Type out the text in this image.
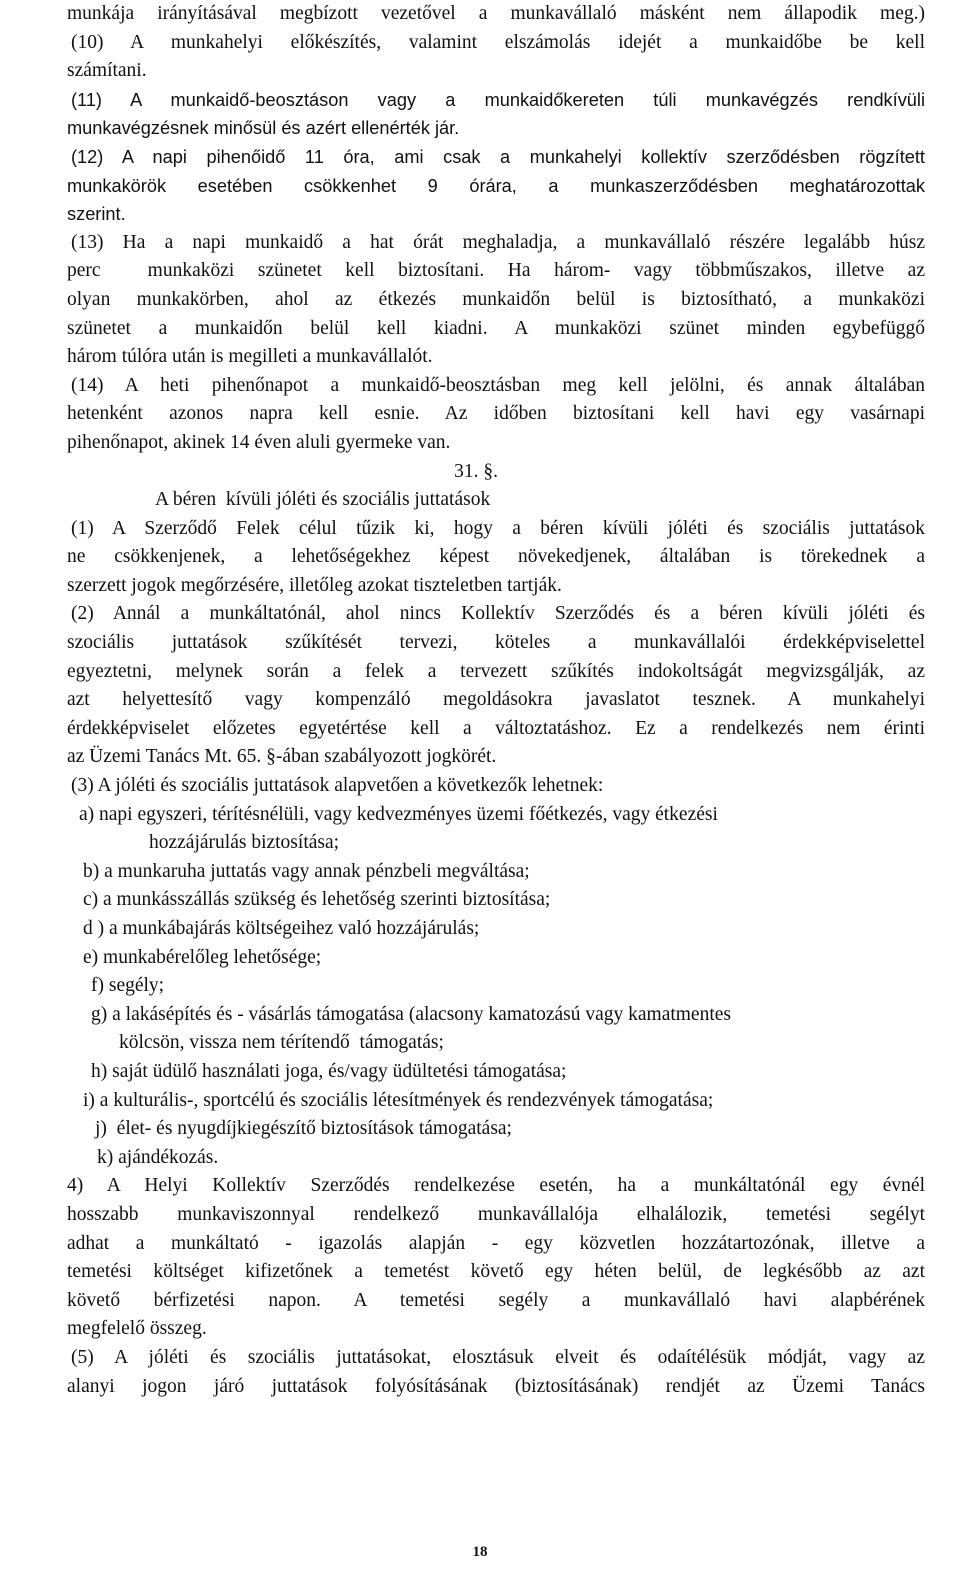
munkája irányításával megbízott vezetővel a munkavállaló másként nem állapodik meg.)

(10) A munkahelyi előkészítés, valamint elszámolás idejét a munkaidőbe be kell

számítani.

(11) A munkaidő-beosztáson vagy a munkaidőkereten túli munkavégzés rendkívüli

munkavégzésnek minősül és azért ellenérték jár.

(12) A napi pihenőidő 11 óra, ami csak a munkahelyi kollektív szerződésben rögzített

munkakörök esetében csökkenhet 9 órára, a munkaszerződésben meghatározottak

szerint.

(13) Ha a napi munkaidő a hat órát meghaladja, a munkavállaló részére legalább húsz

perc  munkaközi szünetet kell biztosítani. Ha három- vagy többműszakos, illetve az

olyan munkakörben, ahol az étkezés munkaidőn belül is biztosítható, a munkaközi

szünetet a munkaidőn belül kell kiadni. A munkaközi szünet minden egybefüggő

három túlóra után is megilleti a munkavállalót.

(14) A heti pihenőnapot a munkaidő-beosztásban meg kell jelölni, és annak általában

hetenként azonos napra kell esnie. Az időben biztosítani kell havi egy vasárnapi

pihenőnapot, akinek 14 éven aluli gyermeke van.

31. §.

A béren  kívüli jóléti és szociális juttatások

(1) A Szerződő Felek célul tűzik ki, hogy a béren kívüli jóléti és szociális juttatások

ne csökkenjenek, a lehetőségekhez képest növekedjenek, általában is törekednek a

szerzett jogok megőrzésére, illetőleg azokat tiszteletben tartják.

(2) Annál a munkáltatónál, ahol nincs Kollektív Szerződés és a béren kívüli jóléti és

szociális juttatások szűkítését tervezi, köteles a munkavállalói érdekképviselettel

egyeztetni, melynek során a felek a tervezett szűkítés indokoltságát megvizsgálják, az

azt helyettesítő vagy kompenzáló megoldásokra javaslatot tesznek. A munkahelyi

érdekképviselet előzetes egyetértése kell a változtatáshoz. Ez a rendelkezés nem érinti

az Üzemi Tanács Mt. 65. §-ában szabályozott jogkörét.

(3) A jóléti és szociális juttatások alapvetően a következők lehetnek:

a) napi egyszeri, térítésnélüli, vagy kedvezményes üzemi főétkezés, vagy étkezési

hozzájárulás biztosítása;

b) a munkaruha juttatás vagy annak pénzbeli megváltása;

c) a munkásszállás szükség és lehetőség szerinti biztosítása;

d ) a munkábajárás költségeihez való hozzájárulás;

e) munkabérelőleg lehetősége;

f) segély;

g) a lakásépítés és - vásárlás támogatása (alacsony kamatozású vagy kamatmentes

kölcsön, vissza nem térítendő  támogatás;

h) saját üdülő használati joga, és/vagy üdültetési támogatása;

i) a kulturális-, sportcélú és szociális létesítmények és rendezvények támogatása;

j)  élet- és nyugdíjkiegészítő biztosítások támogatása;

k) ajándékozás.

4) A Helyi Kollektív Szerződés rendelkezése esetén, ha a munkáltatónál egy évnél

hosszabb munkaviszonnyal rendelkező munkavállalója elhalálozik, temetési segélyt

adhat a munkáltató - igazolás alapján - egy közvetlen hozzátartozónak, illetve a

temetési költséget kifizetőnek a temetést követő egy héten belül, de legkésőbb az azt

követő bérfizetési napon. A temetési segély a munkavállaló havi alapbérének

megfelelő összeg.

(5) A jóléti és szociális juttatásokat, elosztásuk elveit és odaítélésük módját, vagy az

alanyi jogon járó juttatások folyósításának (biztosításának) rendjét az Üzemi Tanács

18
